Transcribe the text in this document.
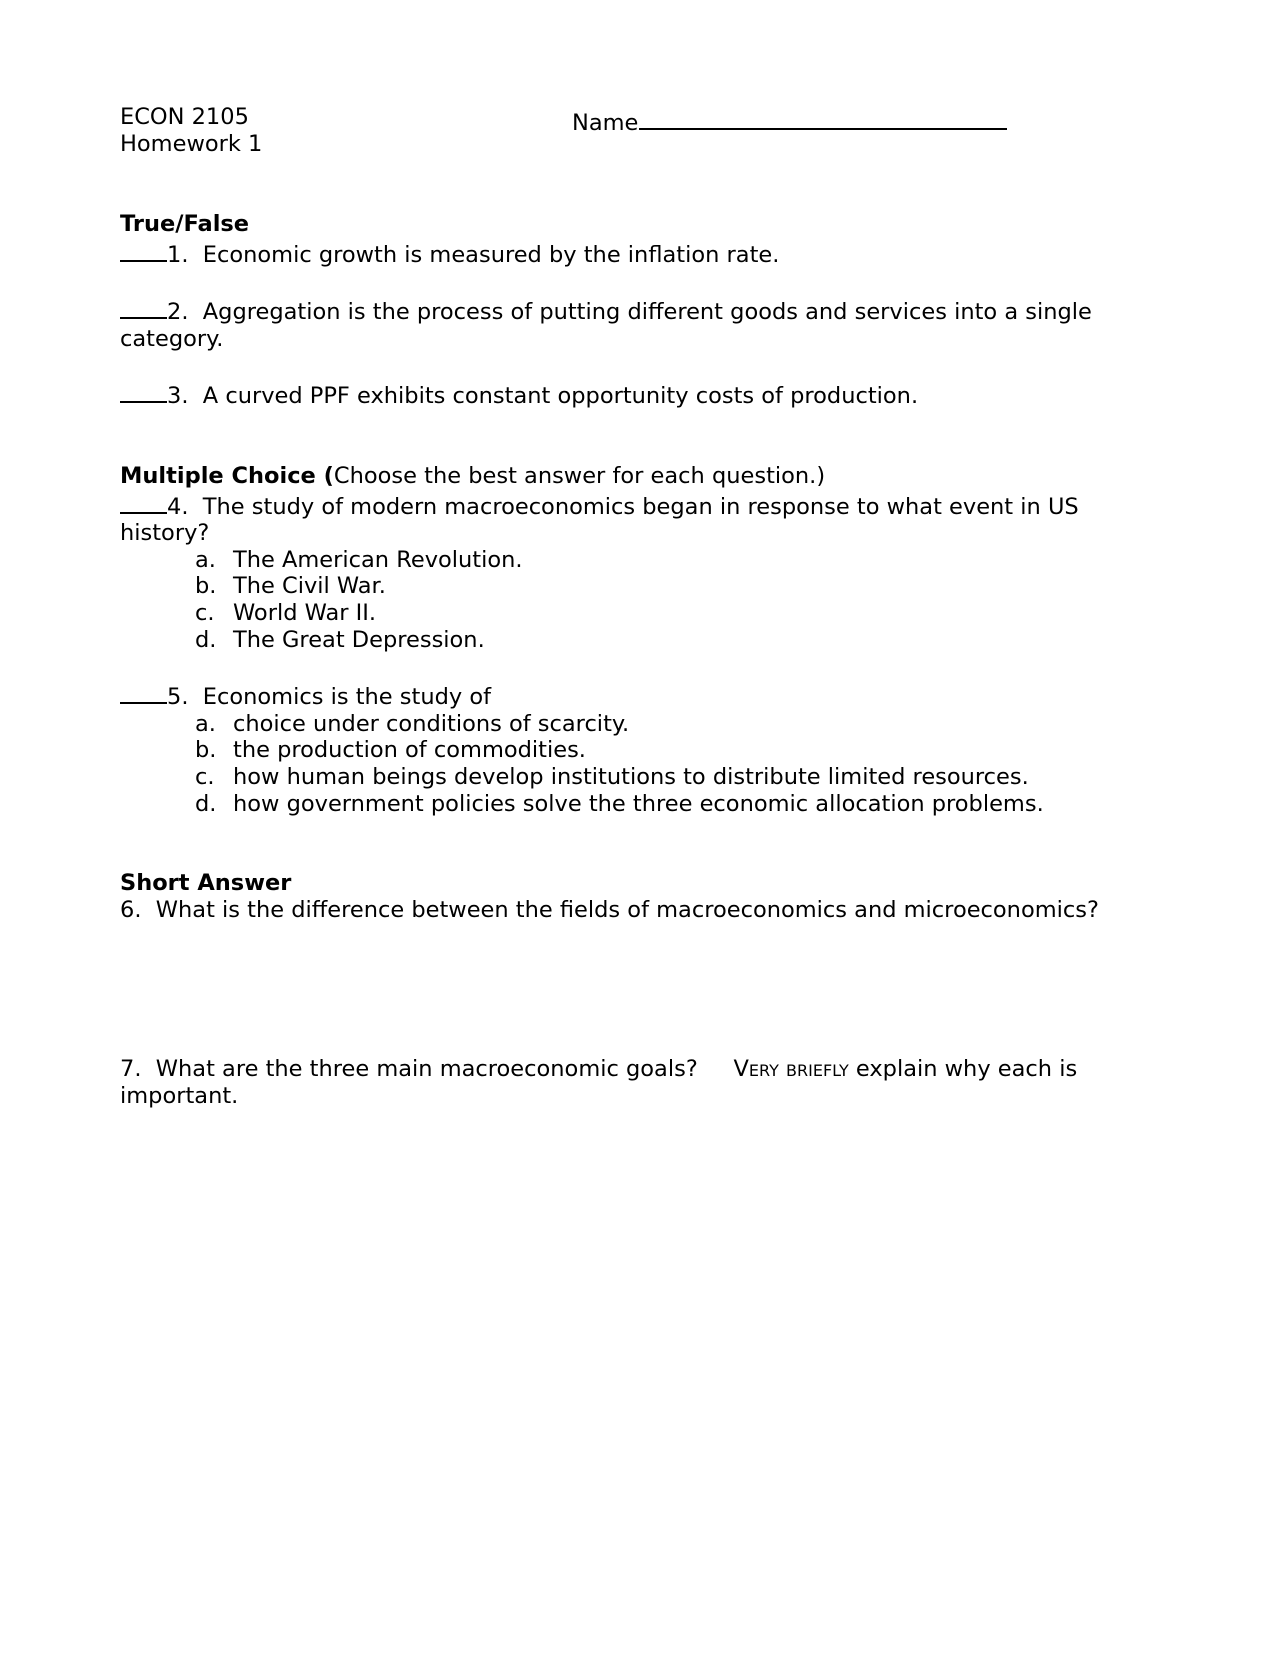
ECON 2105
Homework 1
Name
True/False

1. Economic growth is measured by the inflation rate.

2. Aggregation is the process of putting different goods and services into a single category.

3. A curved PPF exhibits constant opportunity costs of production.

Multiple Choice (Choose the best answer for each question.)

4. The study of modern macroeconomics began in response to what event in US history?

a. The American Revolution.
b. The Civil War.
c. World War II.
d. The Great Depression.

5. Economics is the study of

a. choice under conditions of scarcity.
b. the production of commodities.
c. how human beings develop institutions to distribute limited resources.
d. how government policies solve the three economic allocation problems.
Short Answer

6. What is the difference between the fields of macroeconomics and microeconomics?

7. What are the three main macroeconomic goals? Very briefly explain why each is important.
